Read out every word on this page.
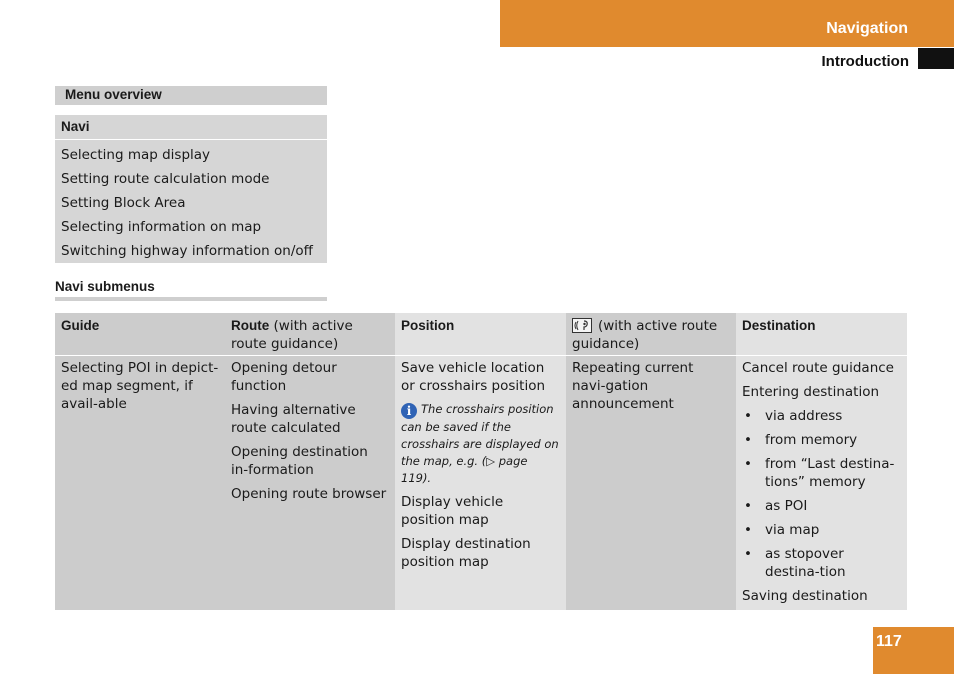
Navigation
Introduction
Menu overview
Navi
Selecting map display
Setting route calculation mode
Setting Block Area
Selecting information on map
Switching highway information on/off
Navi submenus
Guide

Selecting POI in depict-ed map segment, if avail-able

Route (with active route guidance)

Opening detour function

Having alternative route calculated

Opening destination in-formation

Opening route browser

Position

Save vehicle location or crosshairs position

i The crosshairs position can be saved if the crosshairs are displayed on the map, e.g. (▷ page 119).

Display vehicle position map

Display destination position map

(with active route guidance)

Repeating current navi-gation announcement

Destination

Cancel route guidance

Entering destination

• via address
• from memory
• from “Last destina-tions” memory
• as POI
• via map
• as stopover destina-tion

Saving destination

117
